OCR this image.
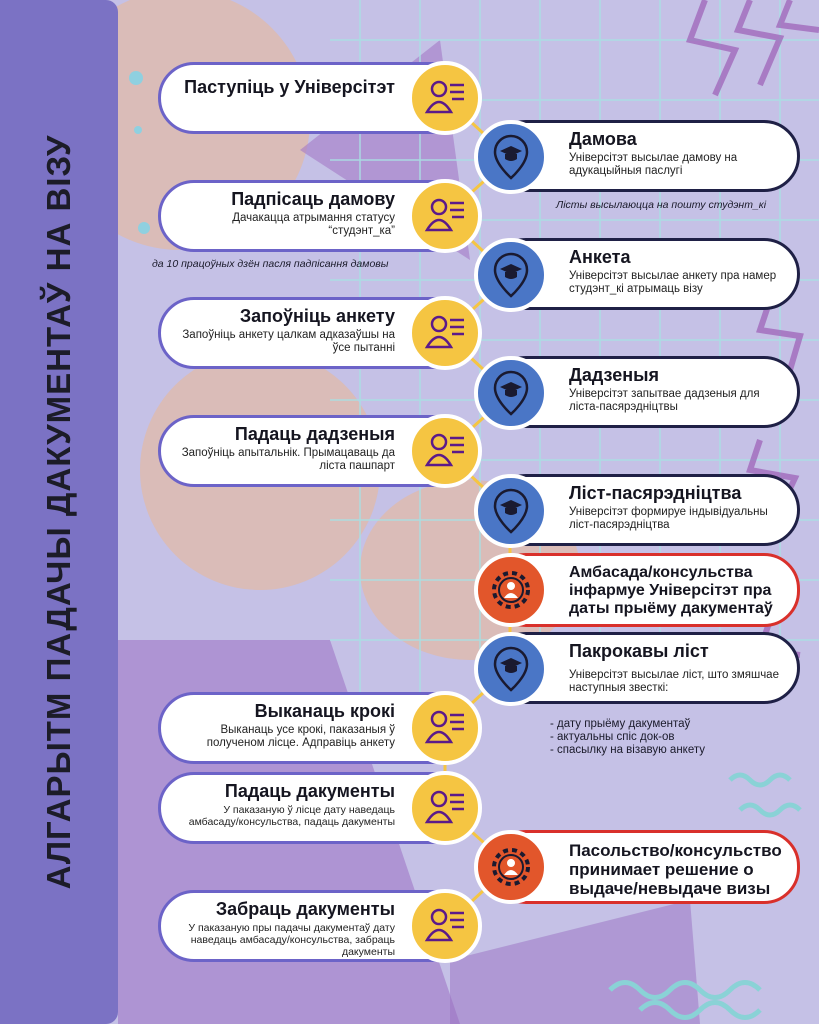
АЛГАРЫТМ ПАДАЧЫ ДАКУМЕНТАЎ НА ВІЗУ
Паступіць у Універсітэт
Дамова
Універсітэт высылае дамову на адукацыйныя паслугі
Лісты высылаюцца на пошту студэнт_кі
Падпісаць дамову
Дачакацца атрымання статусу “студэнт_ка”
да 10 працоўных дзён пасля падпісання дамовы	Анкета
Універсітэт высылае анкету пра намер студэнт_кі атрымаць візу
Запоўніць анкету
Запоўніць анкету цалкам адказаўшы на ўсе пытанні
Дадзеныя
Універсітэт запытвае дадзеныя для ліста-пасярэдніцтвы
Падаць дадзеныя
Запоўніць апытальнік. Прымацаваць да ліста пашпарт
Ліст-пасярэдніцтва
Універсітэт формируе індывідуальны ліст-пасярэдніцтва
Амбасада/консульства інфармуе Універсітэт пра даты прыёму дакументаў
Пакрокавы ліст
Універсітэт высылае ліст, што змяшчае наступныя звесткі:
- дату прыёму дакументаў
- актуальны спіс док-ов
- спасылку на візавую анкету
Выканаць крокі
Выканаць усе крокі, паказаныя ў полученом лісце. Адправіць анкету
Падаць дакументы
У паказаную ў лісце дату наведаць амбасаду/консульства, падаць дакументы
Пасольство/консульство принимает решение о выдаче/невыдаче визы
Забраць дакументы
У паказаную пры падачы дакументаў дату наведаць амбасаду/консульства, забраць дакументы
